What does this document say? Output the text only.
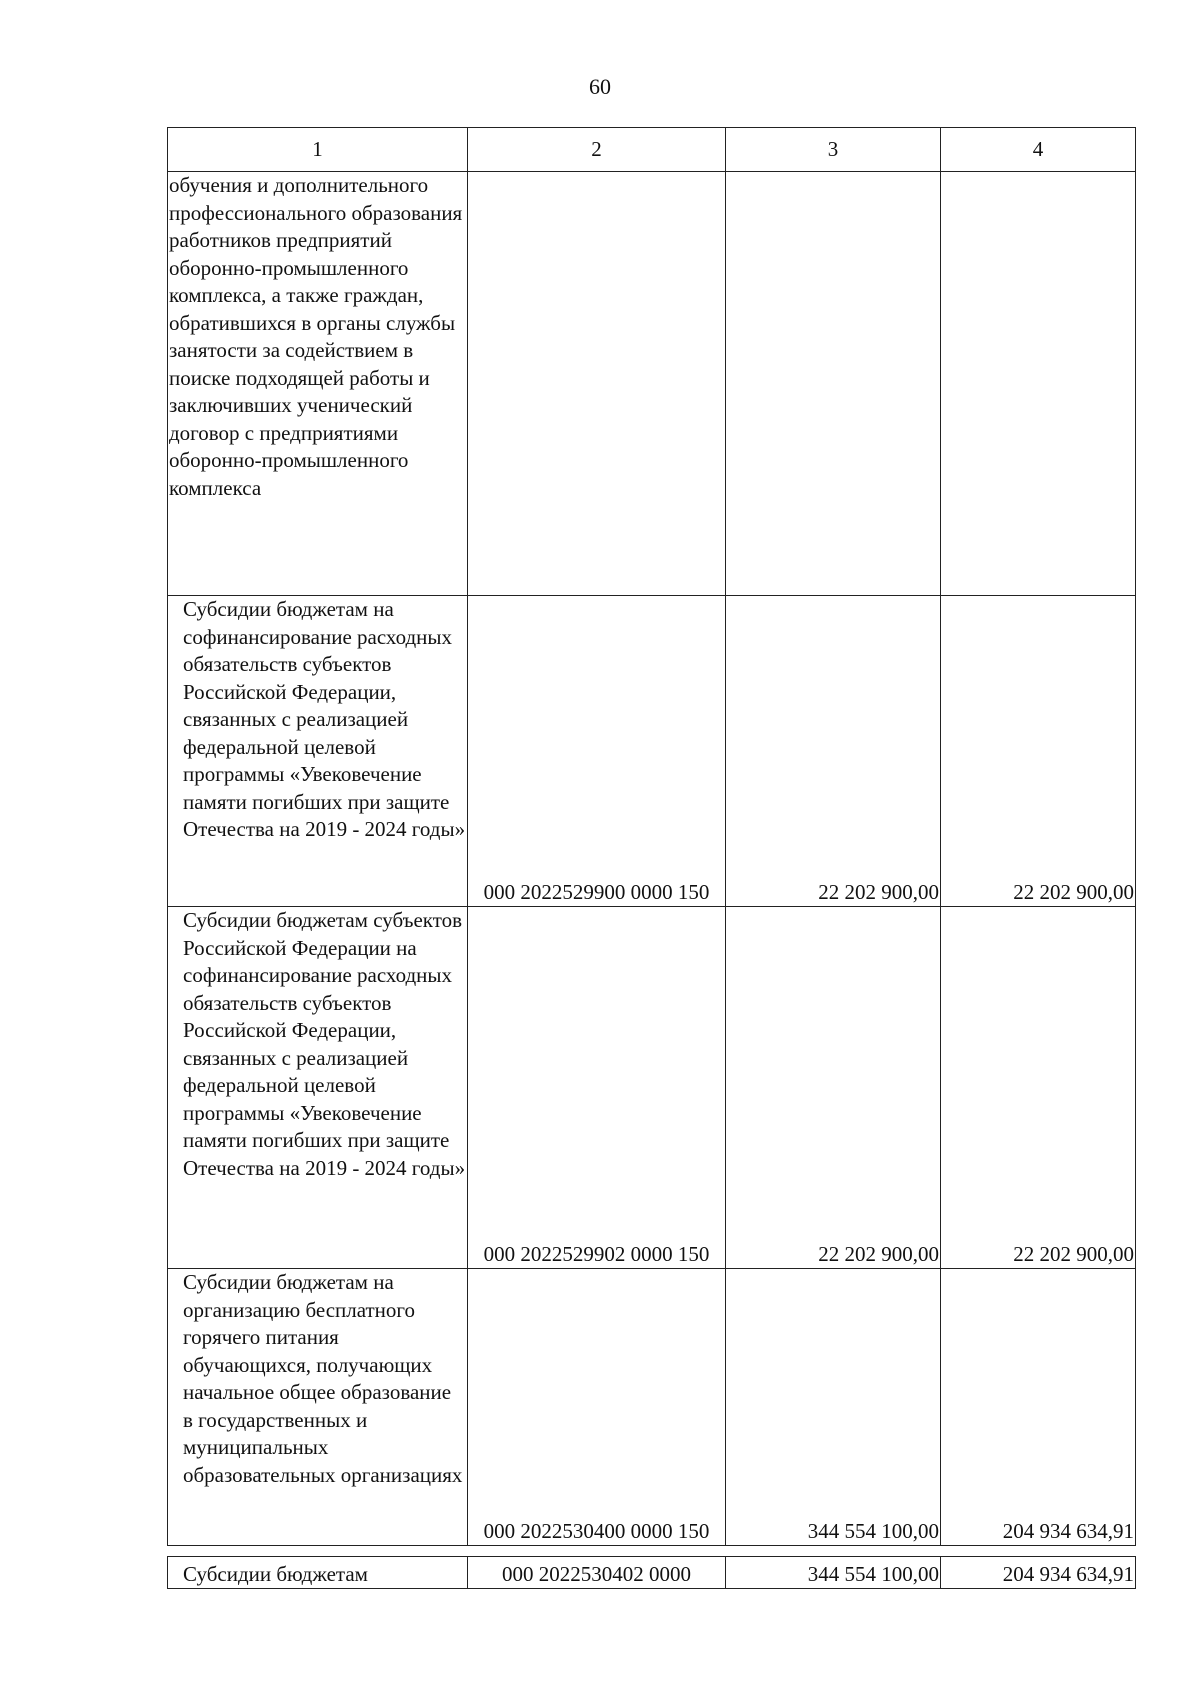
60
1	2	3	4
обучения и дополнительного профессионального образования работников предприятий оборонно-промышленного комплекса, а также граждан, обратившихся в органы службы занятости за содействием в поиске подходящей работы и заключивших ученический договор с предприятиями оборонно-промышленного комплекса			
Субсидии бюджетам на софинансирование расходных обязательств субъектов Российской Федерации, связанных с реализацией федеральной целевой программы «Увековечение памяти погибших при защите Отечества на 2019 - 2024 годы»	000 2022529900 0000 150	22 202 900,00	22 202 900,00
Субсидии бюджетам субъектов Российской Федерации на софинансирование расходных обязательств субъектов Российской Федерации, связанных с реализацией федеральной целевой программы «Увековечение памяти погибших при защите Отечества на 2019 - 2024 годы»	000 2022529902 0000 150	22 202 900,00	22 202 900,00
Субсидии бюджетам на организацию бесплатного горячего питания обучающихся, получающих начальное общее образование в государственных и муниципальных образовательных организациях	000 2022530400 0000 150	344 554 100,00	204 934 634,91

Субсидии бюджетам	000 2022530402 0000	344 554 100,00	204 934 634,91
